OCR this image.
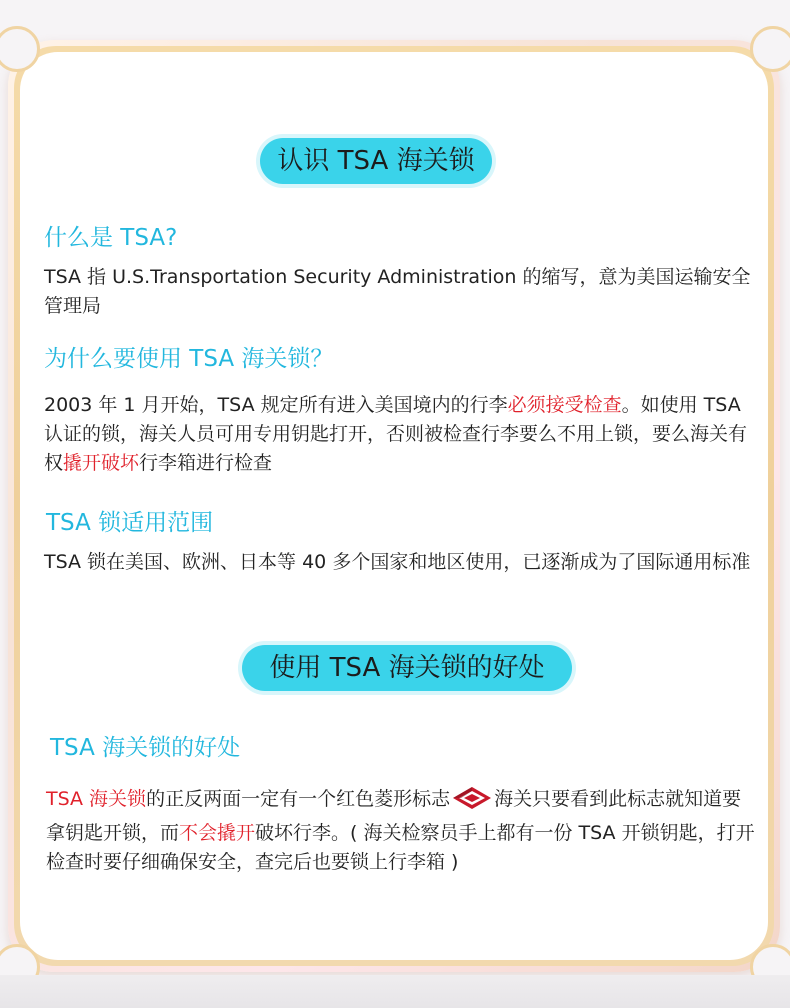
认识 TSA 海关锁
什么是 TSA?
TSA 指 U.S.Transportation Security Administration 的缩写，意为美国运输安全管理局
为什么要使用 TSA 海关锁？
2003 年 1 月开始，TSA 规定所有进入美国境内的行李必须接受检查。如使用 TSA 认证的锁，海关人员可用专用钥匙打开，否则被检查行李要么不用上锁，要么海关有权撬开破坏行李箱进行检查
TSA 锁适用范围
TSA 锁在美国、欧洲、日本等 40 多个国家和地区使用，已逐渐成为了国际通用标准
使用 TSA 海关锁的好处
TSA 海关锁的好处
TSA 海关锁的正反两面一定有一个红色菱形标志 海关只要看到此标志就知道要拿钥匙开锁，而不会撬开破坏行李。( 海关检察员手上都有一份 TSA 开锁钥匙，打开检查时要仔细确保安全，查完后也要锁上行李箱 )
